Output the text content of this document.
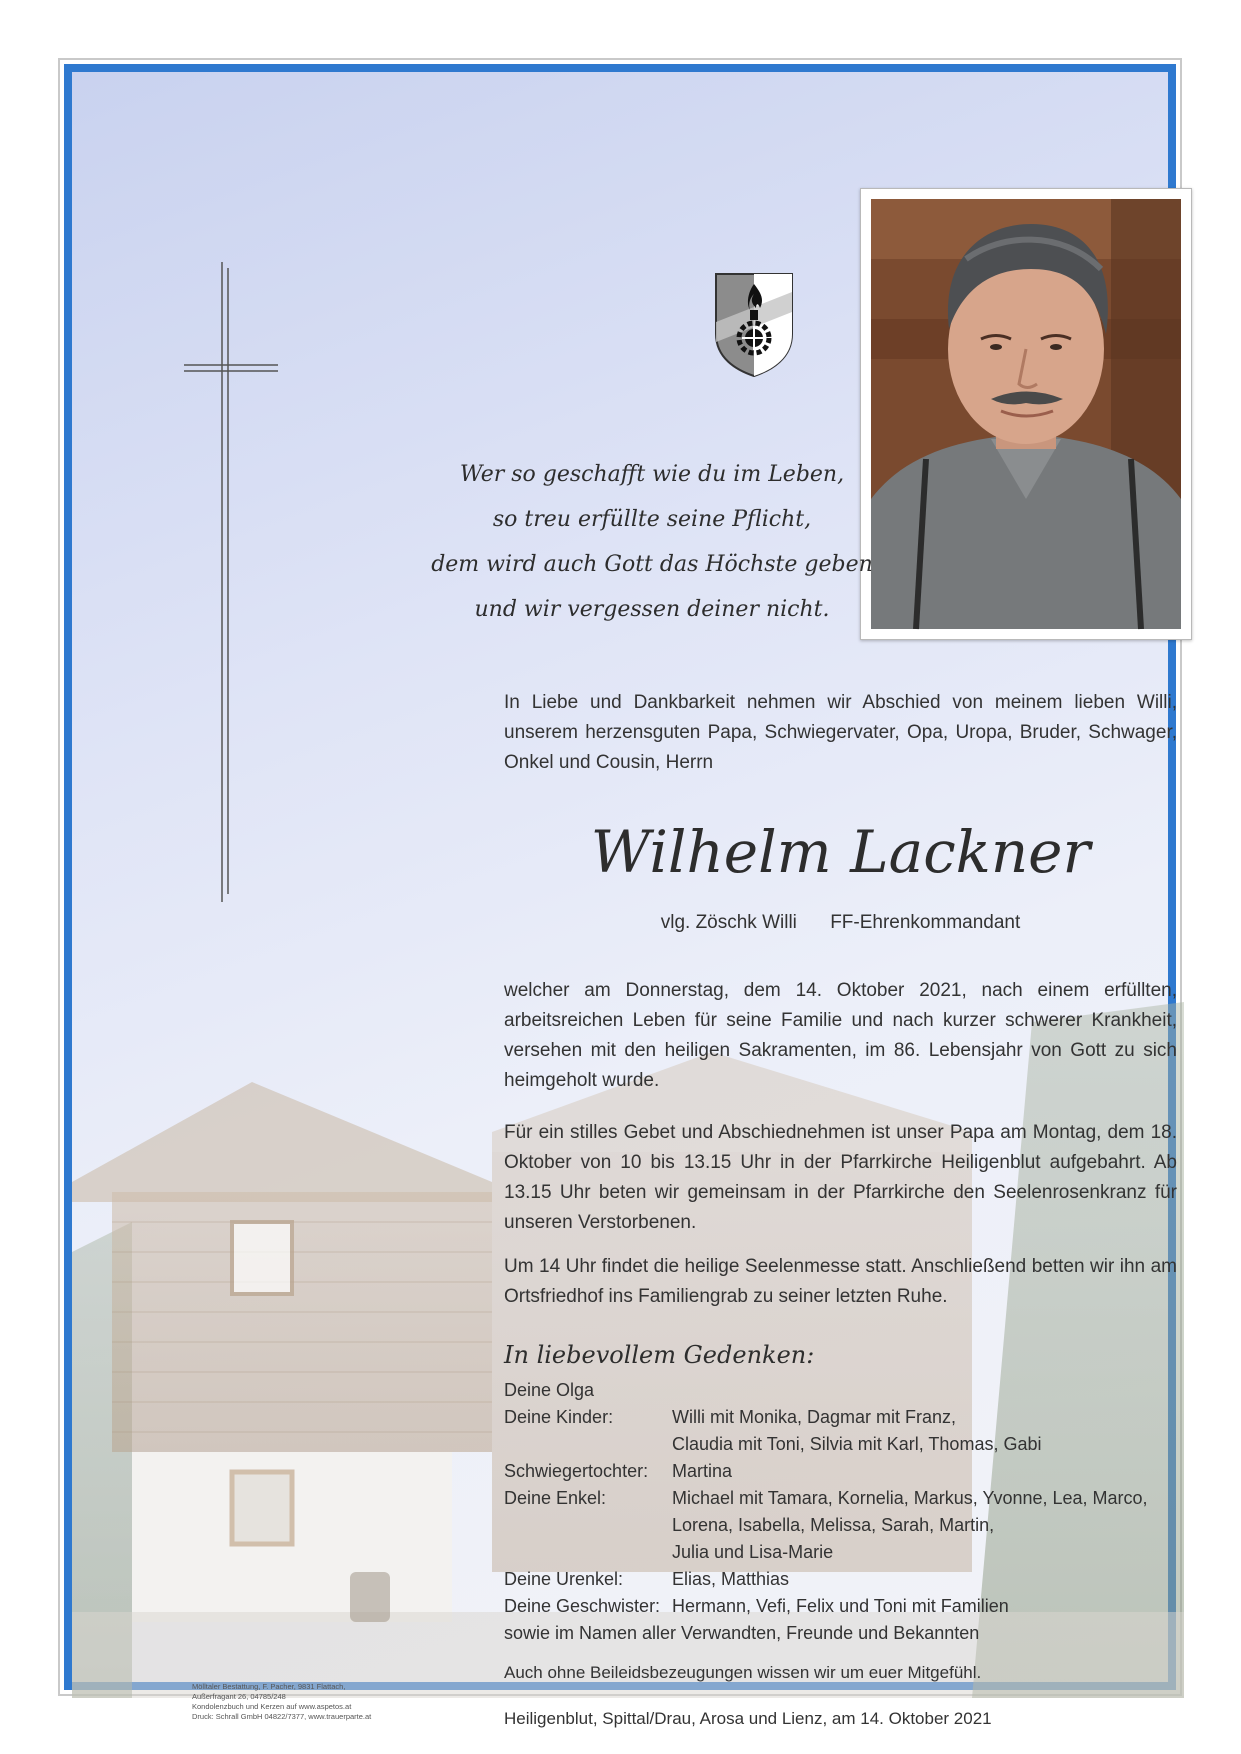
Wer so geschafft wie du im Leben,
so treu erfüllte seine Pflicht,
dem wird auch Gott das Höchste geben
und wir vergessen deiner nicht.

In Liebe und Dankbarkeit nehmen wir Abschied von meinem lieben Willi, unserem herzensguten Papa, Schwiegervater, Opa, Uropa, Bruder, Schwager, Onkel und Cousin, Herrn

Wilhelm Lackner
vlg. Zöschk Willi FF-Ehrenkommandant

welcher am Donnerstag, dem 14. Oktober 2021, nach einem erfüllten, arbeitsreichen Leben für seine Familie und nach kurzer schwerer Krankheit, versehen mit den heiligen Sakramenten, im 86. Lebensjahr von Gott zu sich heimgeholt wurde.

Für ein stilles Gebet und Abschiednehmen ist unser Papa am Montag, dem 18. Oktober von 10 bis 13.15 Uhr in der Pfarrkirche Heiligenblut aufgebahrt. Ab 13.15 Uhr beten wir gemeinsam in der Pfarrkirche den Seelenrosenkranz für unseren Verstorbenen.

Um 14 Uhr findet die heilige Seelenmesse statt. Anschließend betten wir ihn am Ortsfriedhof ins Familiengrab zu seiner letzten Ruhe.

In liebevollem Gedenken:
Deine Olga
Deine Kinder:	Willi mit Monika, Dagmar mit Franz,
Claudia mit Toni, Silvia mit Karl, Thomas, Gabi
Schwiegertochter:	Martina
Deine Enkel:	Michael mit Tamara, Kornelia, Markus, Yvonne, Lea, Marco,
Lorena, Isabella, Melissa, Sarah, Martin,
Julia und Lisa-Marie
Deine Urenkel:	Elias, Matthias
Deine Geschwister: Hermann, Vefi, Felix und Toni mit Familien
sowie im Namen aller Verwandten, Freunde und Bekannten
Auch ohne Beileidsbezeugungen wissen wir um euer Mitgefühl.
Heiligenblut, Spittal/Drau, Arosa und Lienz, am 14. Oktober 2021
Mölltaler Bestattung, F. Pacher, 9831 Flattach,
Außerfragant 26, 04785/248
Kondolenzbuch und Kerzen auf www.aspetos.at
Druck: Schrall GmbH 04822/7377, www.trauerparte.at
